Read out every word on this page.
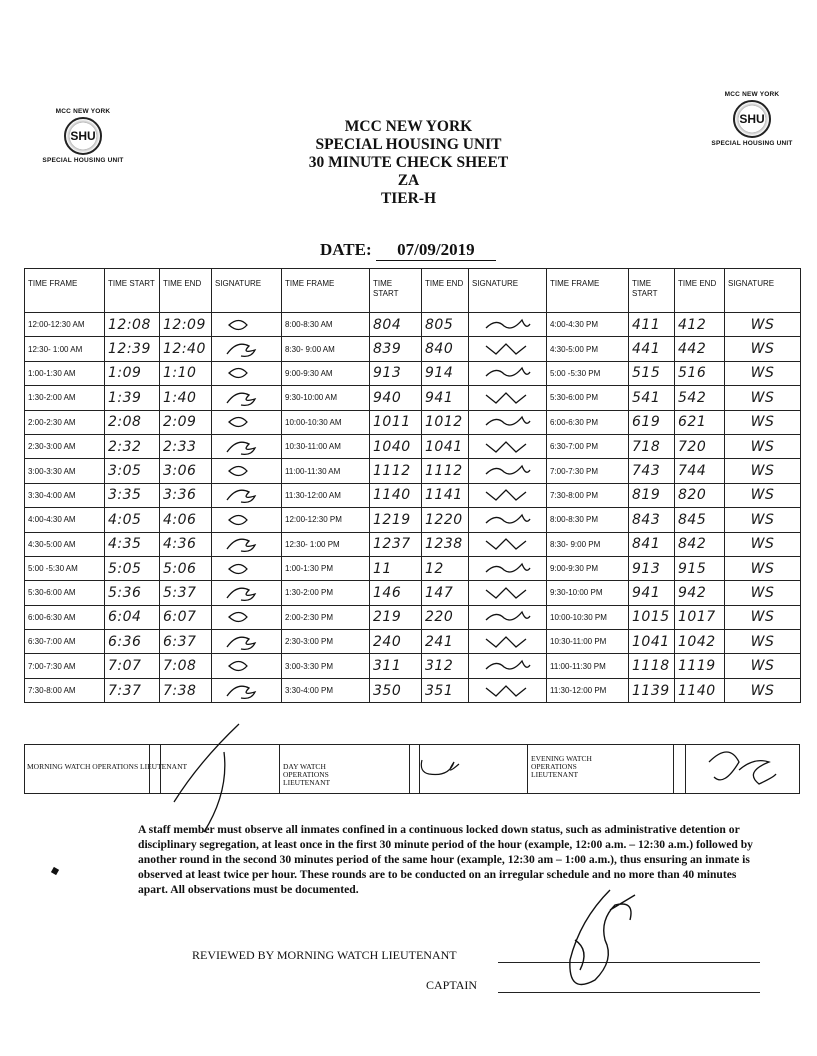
MCC NEW YORK
SHU
SPECIAL HOUSING UNIT
MCC NEW YORK
SHU
SPECIAL HOUSING UNIT
MCC NEW YORK
SPECIAL HOUSING UNIT
30 MINUTE CHECK SHEET
ZA
TIER-H
DATE: 07/09/2019
TIME FRAME	TIME START	TIME END	SIGNATURE	TIME FRAME	TIME START	TIME END	SIGNATURE	TIME FRAME	TIME START	TIME END	SIGNATURE
12:00-12:30 AM	12:08	12:09		8:00-8:30 AM	804	805		4:00-4:30 PM	411	412	WS
12:30- 1:00 AM	12:39	12:40		8:30- 9:00 AM	839	840		4:30-5:00 PM	441	442	WS
1:00-1:30 AM	1:09	1:10		9:00-9:30 AM	913	914		5:00 -5:30 PM	515	516	WS
1:30-2:00 AM	1:39	1:40		9:30-10:00 AM	940	941		5:30-6:00 PM	541	542	WS
2:00-2:30 AM	2:08	2:09		10:00-10:30 AM	1011	1012		6:00-6:30 PM	619	621	WS
2:30-3:00 AM	2:32	2:33		10:30-11:00 AM	1040	1041		6:30-7:00 PM	718	720	WS
3:00-3:30 AM	3:05	3:06		11:00-11:30 AM	1112	1112		7:00-7:30 PM	743	744	WS
3:30-4:00 AM	3:35	3:36		11:30-12:00 AM	1140	1141		7:30-8:00 PM	819	820	WS
4:00-4:30 AM	4:05	4:06		12:00-12:30 PM	1219	1220		8:00-8:30 PM	843	845	WS
4:30-5:00 AM	4:35	4:36		12:30- 1:00 PM	1237	1238		8:30- 9:00 PM	841	842	WS
5:00 -5:30 AM	5:05	5:06		1:00-1:30 PM	11	12		9:00-9:30 PM	913	915	WS
5:30-6:00 AM	5:36	5:37		1:30-2:00 PM	146	147		9:30-10:00 PM	941	942	WS
6:00-6:30 AM	6:04	6:07		2:00-2:30 PM	219	220		10:00-10:30 PM	1015	1017	WS
6:30-7:00 AM	6:36	6:37		2:30-3:00 PM	240	241		10:30-11:00 PM	1041	1042	WS
7:00-7:30 AM	7:07	7:08		3:00-3:30 PM	311	312		11:00-11:30 PM	1118	1119	WS
7:30-8:00 AM	7:37	7:38		3:30-4:00 PM	350	351		11:30-12:00 PM	1139	1140	WS
MORNING WATCH OPERATIONS LIEUTENANT	DAY WATCH OPERATIONS LIEUTENANT
EVENING WATCH OPERATIONS LIEUTENANT
A staff member must observe all inmates confined in a continuous locked down status, such as administrative detention or disciplinary segregation, at least once in the first 30 minute period of the hour (example, 12:00 a.m. – 12:30 a.m.) followed by another round in the second 30 minutes period of the same hour (example, 12:30 am – 1:00 a.m.), thus ensuring an inmate is observed at least twice per hour. These rounds are to be conducted on an irregular schedule and no more than 40 minutes apart. All observations must be documented.
REVIEWED BY MORNING WATCH LIEUTENANT
CAPTAIN
